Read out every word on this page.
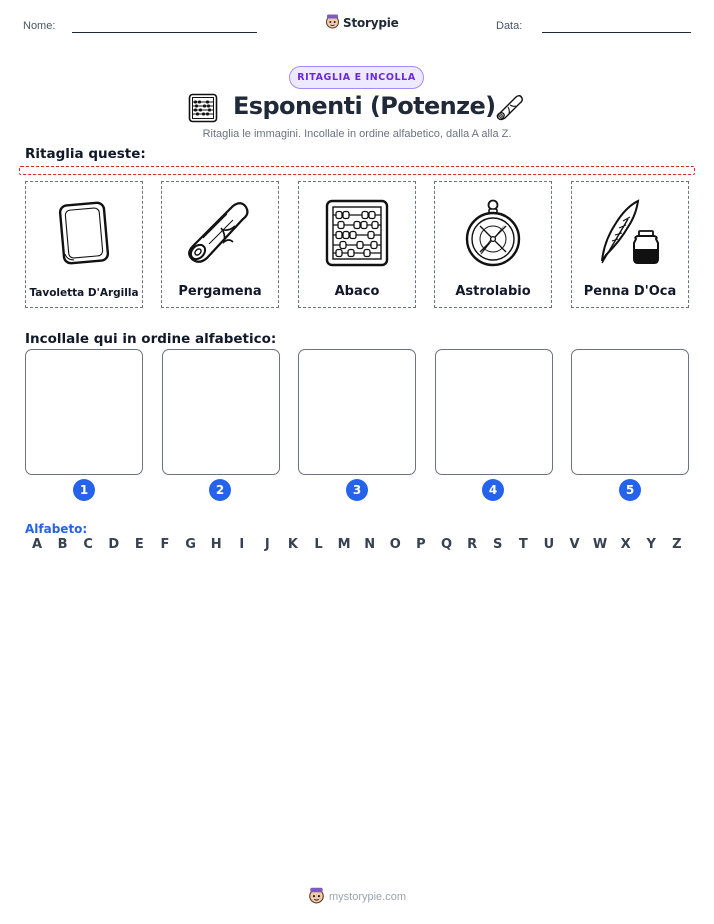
Nome:	Data:
Storypie
RITAGLIA E INCOLLA
Esponenti (Potenze)

Ritaglia le immagini. Incollale in ordine alfabetico, dalla A alla Z.

Ritaglia queste:
Tavoletta D'Argilla	Pergamena	Abaco	Astrolabio	Penna D'Oca
Incollale qui in ordine alfabetico:
1	2	3	4	5
Alfabeto:
A	B	C	D	E	F	G	H	I	J	K	L	M	N	O	P	Q	R	S	T	U	V	W	X	Y	Z
mystorypie.com
